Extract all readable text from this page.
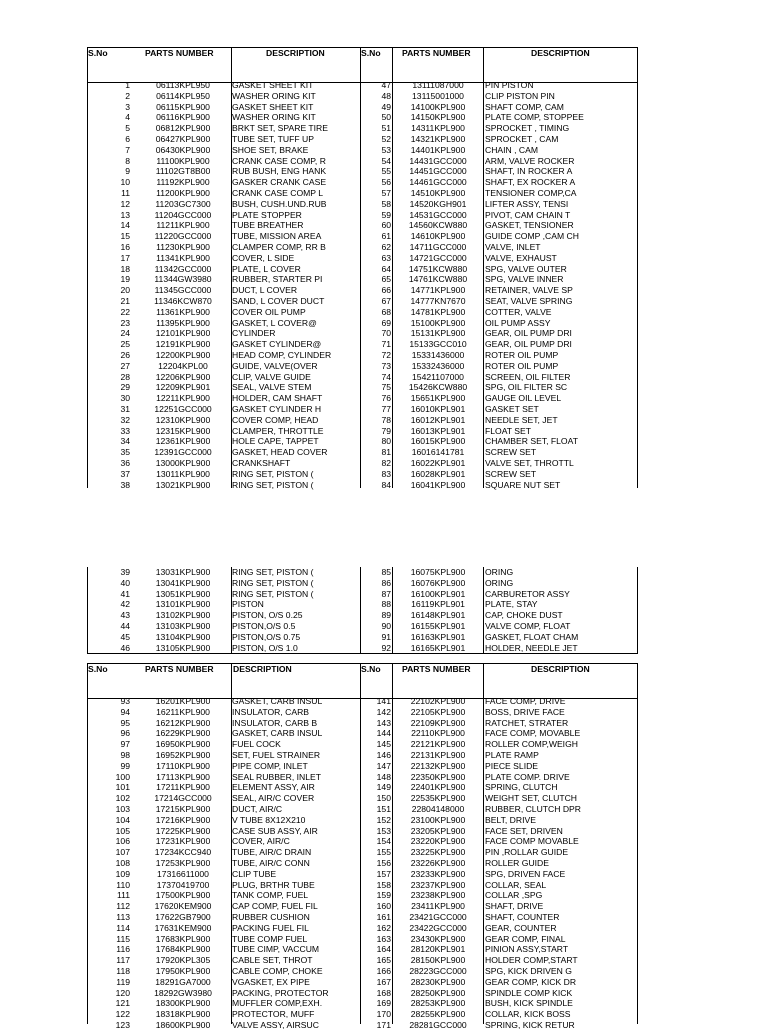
S.No	PARTS NUMBER	DESCRIPTION	S.No PARTS NUMBER	DESCRIPTION
1	06113KPL950	GASKET SHEET KIT	47	13111087000	PIN PISTON
2	06114KPL950	WASHER ORING KIT	48	13115001000	CLIP PISTON PIN
3	06115KPL900	GASKET SHEET KIT	49	14100KPL900	SHAFT COMP, CAM
4	06116KPL900	WASHER ORING KIT	50	14150KPL900	PLATE COMP, STOPPEE
5	06812KPL900	BRKT SET, SPARE TIRE	51	14311KPL900	SPROCKET , TIMING
6	06427KPL900	TUBE SET, TUFF UP	52	14321KPL900	SPROCKET , CAM
7	06430KPL900	SHOE SET, BRAKE	53	14401KPL900	CHAIN , CAM
8	11100KPL900	CRANK CASE COMP, R	54	14431GCC000	ARM, VALVE ROCKER
9	11102GT8B00	RUB BUSH, ENG HANK	55	14451GCC000	SHAFT, IN ROCKER A
10	11192KPL900	GASKER CRANK CASE	56	14461GCC000	SHAFT, EX ROCKER A
11	11200KPL900	CRANK CASE COMP L	57	14510KPL900	TENSIONER COMP,CA
12	11203GC7300	BUSH, CUSH.UND.RUB	58	14520KGH901	LIFTER ASSY, TENSI
13	11204GCC000	PLATE STOPPER	59	14531GCC000	PIVOT, CAM CHAIN T
14	11211KPL900	TUBE BREATHER	60	14560KCW880	GASKET, TENSIONER
15	11220GCC000	TUBE, MISSION AREA	61	14610KPL900	GUIDE COMP ,CAM CH
16	11230KPL900	CLAMPER COMP, RR B	62	14711GCC000	VALVE, INLET
17	11341KPL900	COVER, L SIDE	63	14721GCC000	VALVE, EXHAUST
18	11342GCC000	PLATE, L COVER	64	14751KCW880	SPG, VALVE OUTER
19	11344GW3980	RUBBER, STARTER PI	65	14761KCW880	SPG, VALVE INNER
20	11345GCC000	DUCT, L COVER	66	14771KPL900	RETAINER, VALVE SP
21	11346KCW870	SAND, L COVER DUCT	67	14777KN7670	SEAT, VALVE SPRING
22	11361KPL900	COVER OIL PUMP	68	14781KPL900	COTTER, VALVE
23	11395KPL900	GASKET, L COVER@	69	15100KPL900	OIL PUMP ASSY
24	12101KPL900	CYLINDER	70	15131KPL900	GEAR, OIL PUMP DRI
25	12191KPL900	GASKET CYLINDER@	71	15133GCC010	GEAR, OIL PUMP DRI
26	12200KPL900	HEAD COMP, CYLINDER	72	15331436000	ROTER OIL PUMP
27	12204KPL00	GUIDE, VALVE(OVER	73	15332436000	ROTER OIL PUMP
28	12206KPL900	CLIP, VALVE GUIDE	74	15421107000	SCREEN, OIL FILTER
29	12209KPL901	SEAL, VALVE STEM	75	15426KCW880	SPG, OIL FILTER SC
30	12211KPL900	HOLDER, CAM SHAFT	76	15651KPL900	GAUGE OIL LEVEL
31	12251GCC000	GASKET CYLINDER H	77	16010KPL901	GASKET SET
32	12310KPL900	COVER COMP, HEAD	78	16012KPL901	NEEDLE SET, JET
33	12315KPL900	CLAMPER, THROTTLE	79	16013KPL901	FLOAT SET
34	12361KPL900	HOLE CAPE, TAPPET	80	16015KPL900	CHAMBER SET, FLOAT
35	12391GCC000	GASKET, HEAD COVER	81	16016141781	SCREW SET
36	13000KPL900	CRANKSHAFT	82	16022KPL901	VALVE SET, THROTTL
37	13011KPL900	RING SET, PISTON (	83	16028KPL901	SCREW SET
38	13021KPL900	RING SET, PISTON (	84	16041KPL900	SQUARE NUT SET
39	13031KPL900	RING SET, PISTON (	85	16075KPL900	ORING
40	13041KPL900	RING SET, PISTON (	86	16076KPL900	ORING
41	13051KPL900	RING SET, PISTON (	87	16100KPL901	CARBURETOR ASSY
42	13101KPL900	PISTON	88	16119KPL901	PLATE, STAY
43	13102KPL900	PISTON, O/S 0.25	89	16148KPL901	CAP, CHOKE DUST
44	13103KPL900	PISTON,O/S 0.5	90	16155KPL901	VALVE COMP, FLOAT
45	13104KPL900	PISTON,O/S 0.75	91	16163KPL901	GASKET, FLOAT CHAM
46	13105KPL900	PISTON, O/S 1.0	92	16165KPL901	HOLDER, NEEDLE JET
S.No	PARTS NUMBER DESCRIPTION	S.No PARTS NUMBER	DESCRIPTION
93	16201KPL900	GASKET, CARB INSUL	141	22102KPL900	FACE COMP, DRIVE
94	16211KPL900	INSULATOR, CARB	142	22105KPL900	BOSS, DRIVE FACE
95	16212KPL900	INSULATOR, CARB B	143	22109KPL900	RATCHET, STRATER
96	16229KPL900	GASKET, CARB INSUL	144	22110KPL900	FACE COMP, MOVABLE
97	16950KPL900	FUEL COCK	145	22121KPL900	ROLLER COMP,WEIGH
98	16952KPL900	SET, FUEL STRAINER	146	22131KPL900	PLATE RAMP
99	17110KPL900	PIPE COMP, INLET	147	22132KPL900	PIECE SLIDE
100	17113KPL900	SEAL RUBBER, INLET	148	22350KPL900	PLATE COMP. DRIVE
101	17211KPL900	ELEMENT ASSY, AIR	149	22401KPL900	SPRING, CLUTCH
102	17214GCC000	SEAL, AIR/C COVER	150	22535KPL900	WEIGHT SET, CLUTCH
103	17215KPL900	DUCT, AIR/C	151	22804148000	RUBBER, CLUTCH DPR
104	17216KPL900	V TUBE 8X12X210	152	23100KPL900	BELT, DRIVE
105	17225KPL900	CASE SUB ASSY, AIR	153	23205KPL900	FACE SET, DRIVEN
106	17231KPL900	COVER, AIR/C	154	23220KPL900	FACE COMP MOVABLE
107	17234KCC940	TUBE, AIR/C DRAIN	155	23225KPL900	PIN ,ROLLAR GUIDE
108	17253KPL900	TUBE, AIR/C CONN	156	23226KPL900	ROLLER GUIDE
109	17316611000	CLIP TUBE	157	23233KPL900	SPG, DRIVEN FACE
110	17370419700	PLUG, BRTHR TUBE	158	23237KPL900	COLLAR, SEAL
111	17500KPL900	TANK COMP, FUEL	159	23238KPL900	COLLAR ,SPG
112	17620KEM900	CAP COMP, FUEL FIL	160	23411KPL900	SHAFT, DRIVE
113	17622GB7900	RUBBER CUSHION	161	23421GCC000	SHAFT, COUNTER
114	17631KEM900	PACKING FUEL FIL	162	23422GCC000	GEAR, COUNTER
115	17683KPL900	TUBE COMP FUEL	163	23430KPL900	GEAR COMP, FINAL
116	17684KPL900	TUBE CIMP, VACCUM	164	28120KPL901	PINION ASSY,START
117	17920KPL305	CABLE SET, THROT	165	28150KPL900	HOLDER COMP,START
118	17950KPL900	CABLE COMP, CHOKE	166	28223GCC000	SPG, KICK DRIVEN G
119	18291GA7000	VGASKET, EX PIPE	167	28230KPL900	GEAR COMP, KICK DR
120	18292GW3980	PACKING, PROTECTOR	168	28250KPL900	SPINDLE COMP KICK
121	18300KPL900	MUFFLER COMP,EXH.	169	28253KPL900	BUSH, KICK SPINDLE
122	18318KPL900	PROTECTOR, MUFF	170	28255KPL900	COLLAR, KICK BOSS
123	18600KPL900	VALVE ASSY, AIRSUC	171	28281GCC000	SPRING, KICK RETUR
